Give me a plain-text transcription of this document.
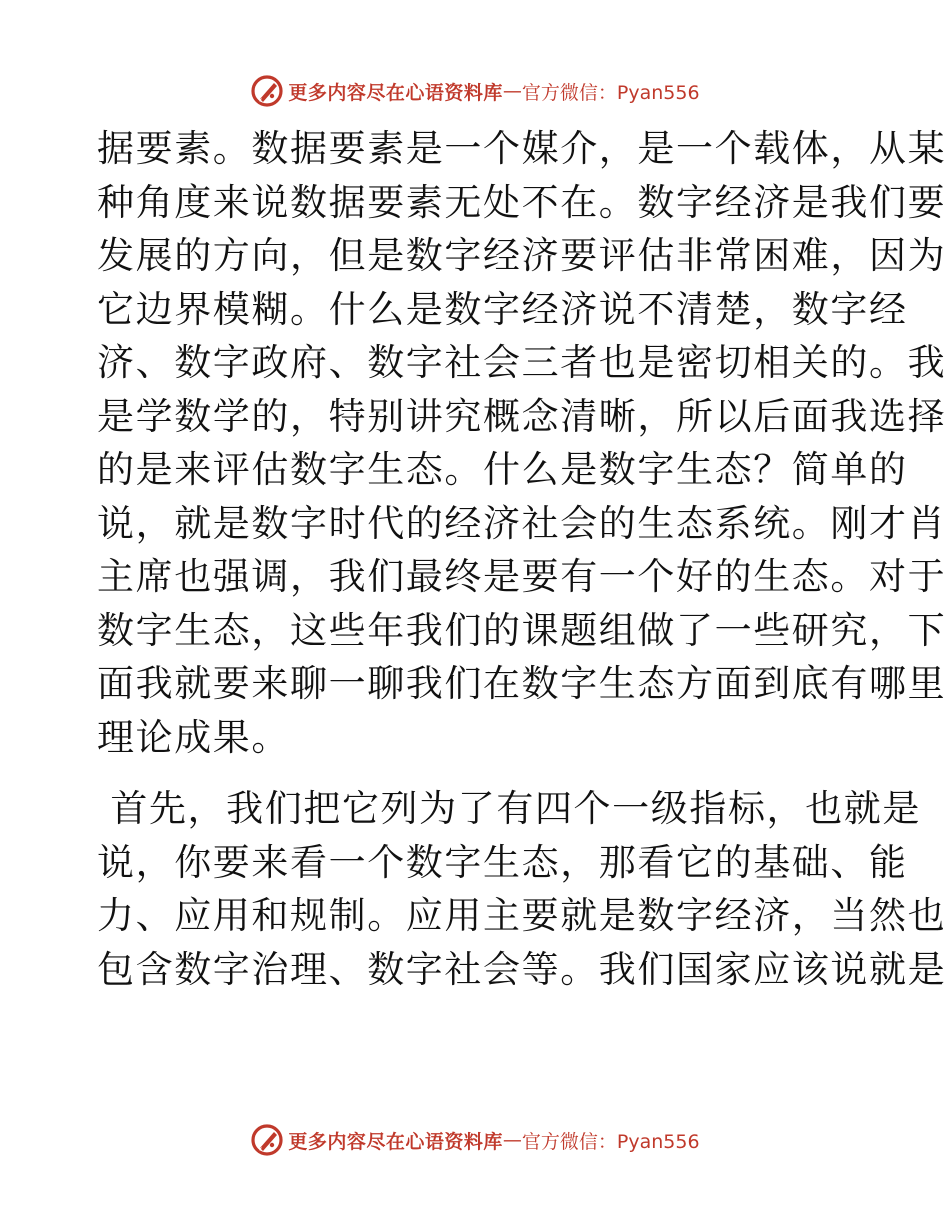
更多内容尽在心语资料库 — 官方微信：Pyan556

据要素。数据要素是一个媒介，是一个载体，从某
种角度来说数据要素无处不在。数字经济是我们要
发展的方向，但是数字经济要评估非常困难，因为
它边界模糊。什么是数字经济说不清楚，数字经
济、数字政府、数字社会三者也是密切相关的。我
是学数学的，特别讲究概念清晰，所以后面我选择
的是来评估数字生态。什么是数字生态？简单的
说，就是数字时代的经济社会的生态系统。刚才肖
主席也强调，我们最终是要有一个好的生态。对于
数字生态，这些年我们的课题组做了一些研究，下
面我就要来聊一聊我们在数字生态方面到底有哪里
理论成果。

首先，我们把它列为了有四个一级指标，也就是
说，你要来看一个数字生态，那看它的基础、能
力、应用和规制。应用主要就是数字经济，当然也
包含数字治理、数字社会等。我们国家应该说就是

更多内容尽在心语资料库 — 官方微信：Pyan556
